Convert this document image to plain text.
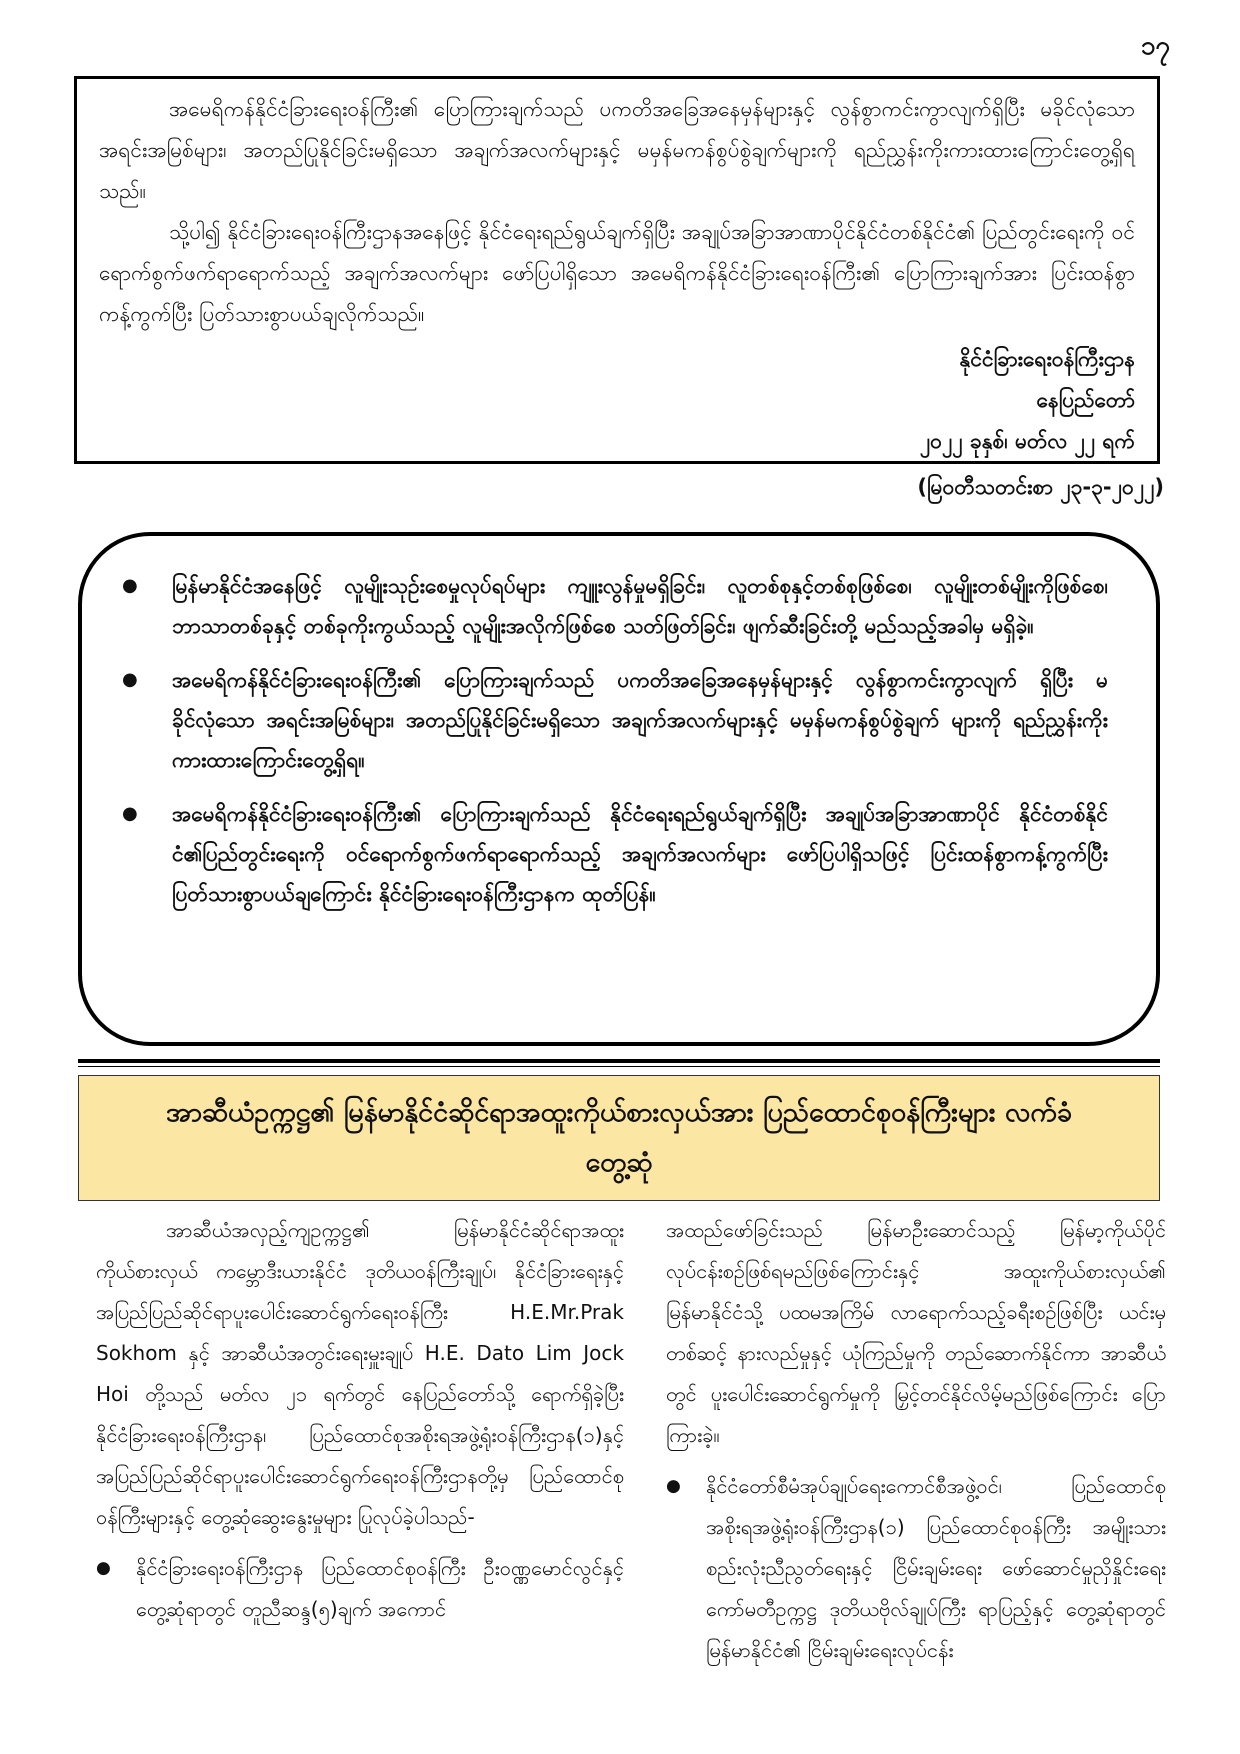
၁၇

အမေရိကန်နိုင်ငံခြားရေးဝန်ကြီး၏ ပြောကြားချက်သည် ပကတိအခြေအနေမှန်များနှင့် လွန်စွာကင်းကွာလျက်ရှိပြီး မခိုင်လုံသော အရင်းအမြစ်များ၊ အတည်ပြုနိုင်ခြင်းမရှိသော အချက်အလက်များနှင့် မမှန်မကန်စွပ်စွဲချက်များကို ရည်ညွှန်းကိုးကားထားကြောင်းတွေ့ရှိရသည်။

သို့ပါ၍ နိုင်ငံခြားရေးဝန်ကြီးဌာနအနေဖြင့် နိုင်ငံရေးရည်ရွယ်ချက်ရှိပြီး အချုပ်အခြာအာဏာပိုင်နိုင်ငံတစ်နိုင်ငံ၏ ပြည်တွင်းရေးကို ဝင်ရောက်စွက်ဖက်ရာရောက်သည့် အချက်အလက်များ ဖော်ပြပါရှိသော အမေရိကန်နိုင်ငံခြားရေးဝန်ကြီး၏ ပြောကြားချက်အား ပြင်းထန်စွာကန့်ကွက်ပြီး ပြတ်သားစွာပယ်ချလိုက်သည်။

နိုင်ငံခြားရေးဝန်ကြီးဌာန
နေပြည်တော်
၂၀၂၂ ခုနှစ်၊ မတ်လ ၂၂ ရက်
(မြဝတီသတင်းစာ ၂၃-၃-၂၀၂၂)
● မြန်မာနိုင်ငံအနေဖြင့် လူမျိုးသုဉ်းစေမှုလုပ်ရပ်များ ကျူးလွန်မှုမရှိခြင်း၊ လူတစ်စုနှင့်တစ်စုဖြစ်စေ၊ လူမျိုးတစ်မျိုးကိုဖြစ်စေ၊ ဘာသာတစ်ခုနှင့် တစ်ခုကိုးကွယ်သည့် လူမျိုးအလိုက်ဖြစ်စေ သတ်ဖြတ်ခြင်း၊ ဖျက်ဆီးခြင်းတို့ မည်သည့်အခါမှ မရှိခဲ့။
● အမေရိကန်နိုင်ငံခြားရေးဝန်ကြီး၏ ပြောကြားချက်သည် ပကတိအခြေအနေမှန်များနှင့် လွန်စွာကင်းကွာလျက် ရှိပြီး မခိုင်လုံသော အရင်းအမြစ်များ၊ အတည်ပြုနိုင်ခြင်းမရှိသော အချက်အလက်များနှင့် မမှန်မကန်စွပ်စွဲချက် များကို ရည်ညွှန်းကိုးကားထားကြောင်းတွေ့ရှိရ။
● အမေရိကန်နိုင်ငံခြားရေးဝန်ကြီး၏ ပြောကြားချက်သည် နိုင်ငံရေးရည်ရွယ်ချက်ရှိပြီး အချုပ်အခြာအာဏာပိုင် နိုင်ငံတစ်နိုင်ငံ၏ပြည်တွင်းရေးကို ဝင်ရောက်စွက်ဖက်ရာရောက်သည့် အချက်အလက်များ ဖော်ပြပါရှိသဖြင့် ပြင်းထန်စွာကန့်ကွက်ပြီး ပြတ်သားစွာပယ်ချကြောင်း နိုင်ငံခြားရေးဝန်ကြီးဌာနက ထုတ်ပြန်။
အာဆီယံဥက္ကဋ္ဌ၏ မြန်မာနိုင်ငံဆိုင်ရာအထူးကိုယ်စားလှယ်အား ပြည်ထောင်စုဝန်ကြီးများ လက်ခံတွေ့ဆုံ

အာဆီယံအလှည့်ကျဥက္ကဋ္ဌ၏ မြန်မာနိုင်ငံဆိုင်ရာအထူးကိုယ်စားလှယ် ကမ္ဘောဒီးယားနိုင်ငံ ဒုတိယဝန်ကြီးချုပ်၊ နိုင်ငံခြားရေးနှင့် အပြည်ပြည်ဆိုင်ရာပူးပေါင်းဆောင်ရွက်ရေးဝန်ကြီး H.E.Mr.Prak Sokhom နှင့် အာဆီယံအတွင်းရေးမှူးချုပ် H.E. Dato Lim Jock Hoi တို့သည် မတ်လ ၂၁ ရက်တွင် နေပြည်တော်သို့ ရောက်ရှိခဲ့ပြီး နိုင်ငံခြားရေးဝန်ကြီးဌာန၊ ပြည်ထောင်စုအစိုးရအဖွဲ့ရုံးဝန်ကြီးဌာန(၁)နှင့် အပြည်ပြည်ဆိုင်ရာပူးပေါင်းဆောင်ရွက်ရေးဝန်ကြီးဌာနတို့မှ ပြည်ထောင်စုဝန်ကြီးများနှင့် တွေ့ဆုံဆွေးနွေးမှုများ ပြုလုပ်ခဲ့ပါသည်-

● နိုင်ငံခြားရေးဝန်ကြီးဌာန ပြည်ထောင်စုဝန်ကြီး ဦးဝဏ္ဏမောင်လွင်နှင့် တွေ့ဆုံရာတွင် တူညီဆန္ဒ(၅)ချက် အကောင်

အထည်ဖော်ခြင်းသည် မြန်မာဦးဆောင်သည့် မြန်မာ့ကိုယ်ပိုင်လုပ်ငန်းစဉ်ဖြစ်ရမည်ဖြစ်ကြောင်းနှင့် အထူးကိုယ်စားလှယ်၏ မြန်မာနိုင်ငံသို့ ပထမအကြိမ် လာရောက်သည့်ခရီးစဉ်ဖြစ်ပြီး ယင်းမှတစ်ဆင့် နားလည်မှုနှင့် ယုံကြည်မှုကို တည်ဆောက်နိုင်ကာ အာဆီယံတွင် ပူးပေါင်းဆောင်ရွက်မှုကို မြှင့်တင်နိုင်လိမ့်မည်ဖြစ်ကြောင်း ပြောကြားခဲ့။

● နိုင်ငံတော်စီမံအုပ်ချုပ်ရေးကောင်စီအဖွဲ့ဝင်၊ ပြည်ထောင်စုအစိုးရအဖွဲ့ရုံးဝန်ကြီးဌာန(၁) ပြည်ထောင်စုဝန်ကြီး အမျိုးသားစည်းလုံးညီညွတ်ရေးနှင့် ငြိမ်းချမ်းရေး ဖော်ဆောင်မှုညှိနှိုင်းရေးကော်မတီဥက္ကဋ္ဌ ဒုတိယဗိုလ်ချုပ်ကြီး ရာပြည့်နှင့် တွေ့ဆုံရာတွင် မြန်မာနိုင်ငံ၏ ငြိမ်းချမ်းရေးလုပ်ငန်း
